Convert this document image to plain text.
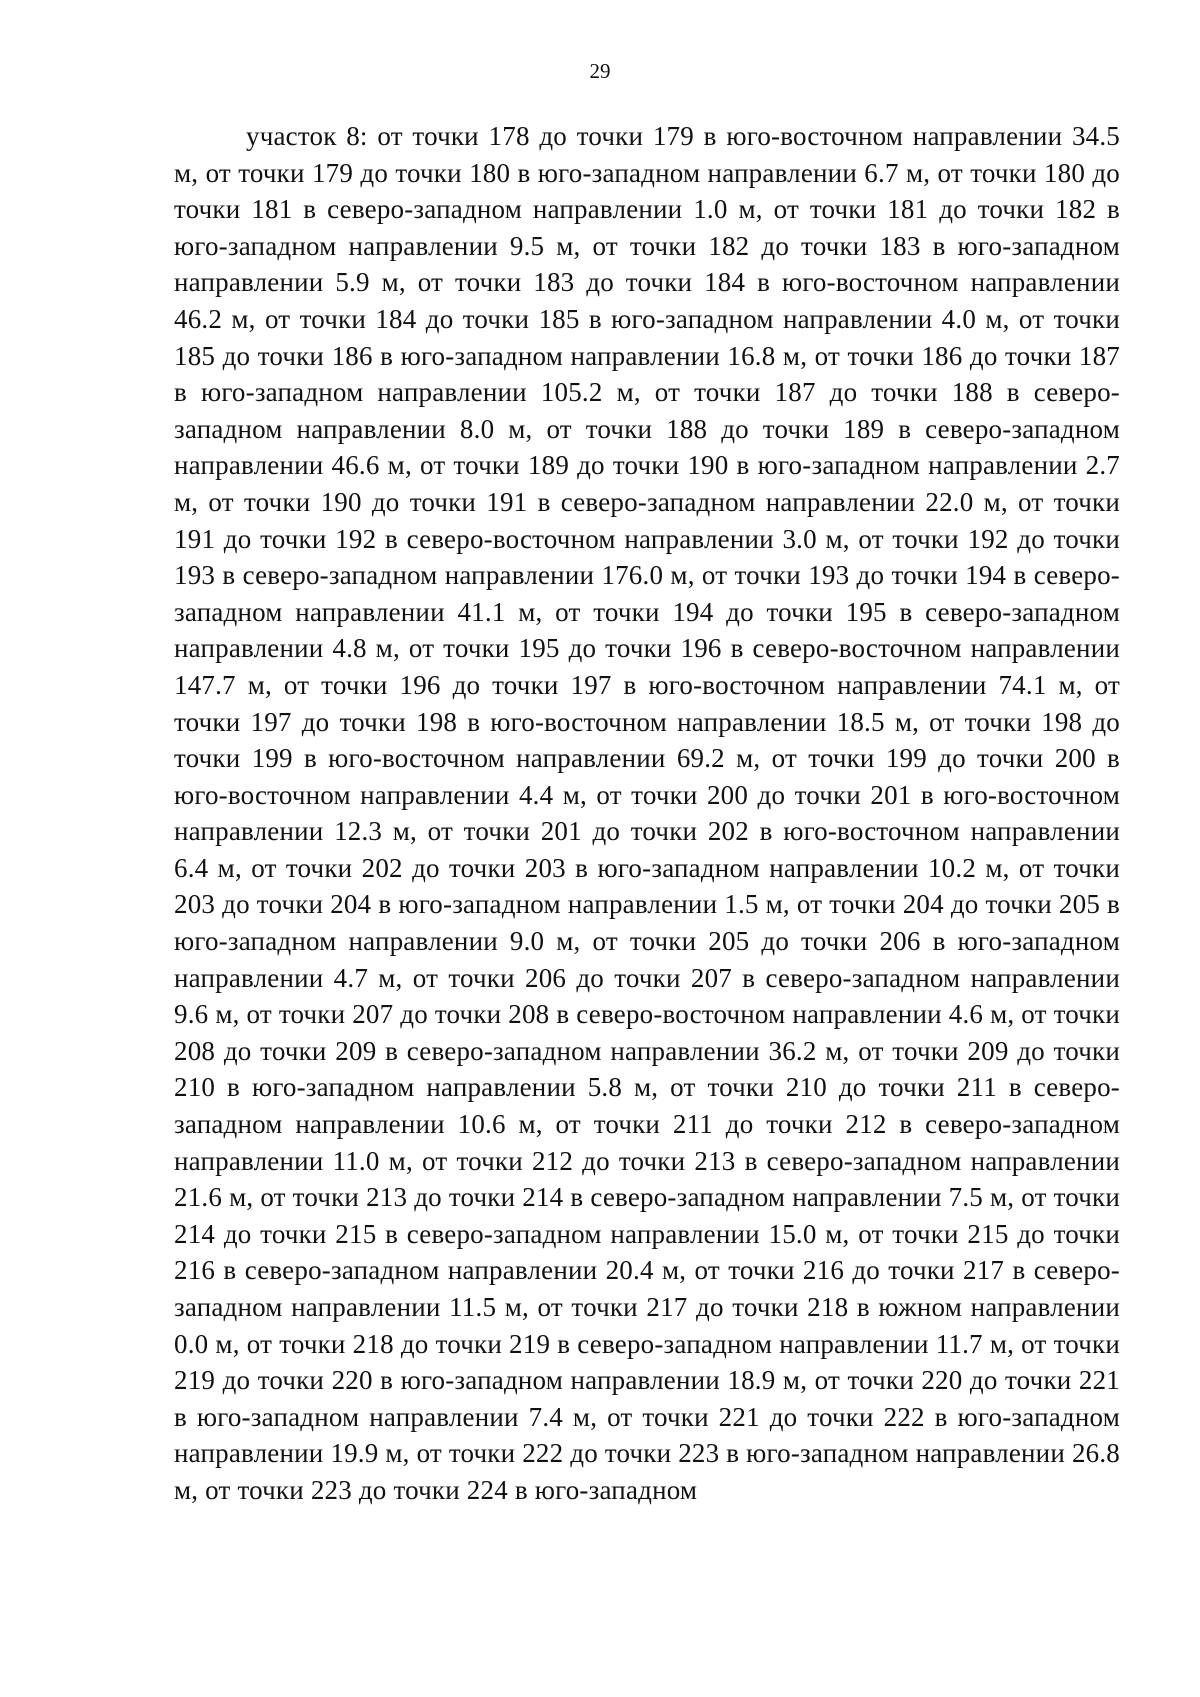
29

участок 8: от точки 178 до точки 179 в юго-восточном направлении 34.5 м, от точки 179 до точки 180 в юго-западном направлении 6.7 м, от точки 180 до точки 181 в северо-западном направлении 1.0 м, от точки 181 до точки 182 в юго-западном направлении 9.5 м, от точки 182 до точки 183 в юго-западном направлении 5.9 м, от точки 183 до точки 184 в юго-восточном направлении 46.2 м, от точки 184 до точки 185 в юго-западном направлении 4.0 м, от точки 185 до точки 186 в юго-западном направлении 16.8 м, от точки 186 до точки 187 в юго-западном направлении 105.2 м, от точки 187 до точки 188 в северо-западном направлении 8.0 м, от точки 188 до точки 189 в северо-западном направлении 46.6 м, от точки 189 до точки 190 в юго-западном направлении 2.7 м, от точки 190 до точки 191 в северо-западном направлении 22.0 м, от точки 191 до точки 192 в северо-восточном направлении 3.0 м, от точки 192 до точки 193 в северо-западном направлении 176.0 м, от точки 193 до точки 194 в северо-западном направлении 41.1 м, от точки 194 до точки 195 в северо-западном направлении 4.8 м, от точки 195 до точки 196 в северо-восточном направлении 147.7 м, от точки 196 до точки 197 в юго-восточном направлении 74.1 м, от точки 197 до точки 198 в юго-восточном направлении 18.5 м, от точки 198 до точки 199 в юго-восточном направлении 69.2 м, от точки 199 до точки 200 в юго-восточном направлении 4.4 м, от точки 200 до точки 201 в юго-восточном направлении 12.3 м, от точки 201 до точки 202 в юго-восточном направлении 6.4 м, от точки 202 до точки 203 в юго-западном направлении 10.2 м, от точки 203 до точки 204 в юго-западном направлении 1.5 м, от точки 204 до точки 205 в юго-западном направлении 9.0 м, от точки 205 до точки 206 в юго-западном направлении 4.7 м, от точки 206 до точки 207 в северо-западном направлении 9.6 м, от точки 207 до точки 208 в северо-восточном направлении 4.6 м, от точки 208 до точки 209 в северо-западном направлении 36.2 м, от точки 209 до точки 210 в юго-западном направлении 5.8 м, от точки 210 до точки 211 в северо-западном направлении 10.6 м, от точки 211 до точки 212 в северо-западном направлении 11.0 м, от точки 212 до точки 213 в северо-западном направлении 21.6 м, от точки 213 до точки 214 в северо-западном направлении 7.5 м, от точки 214 до точки 215 в северо-западном направлении 15.0 м, от точки 215 до точки 216 в северо-западном направлении 20.4 м, от точки 216 до точки 217 в северо-западном направлении 11.5 м, от точки 217 до точки 218 в южном направлении 0.0 м, от точки 218 до точки 219 в северо-западном направлении 11.7 м, от точки 219 до точки 220 в юго-западном направлении 18.9 м, от точки 220 до точки 221 в юго-западном направлении 7.4 м, от точки 221 до точки 222 в юго-западном направлении 19.9 м, от точки 222 до точки 223 в юго-западном направлении 26.8 м, от точки 223 до точки 224 в юго-западном
